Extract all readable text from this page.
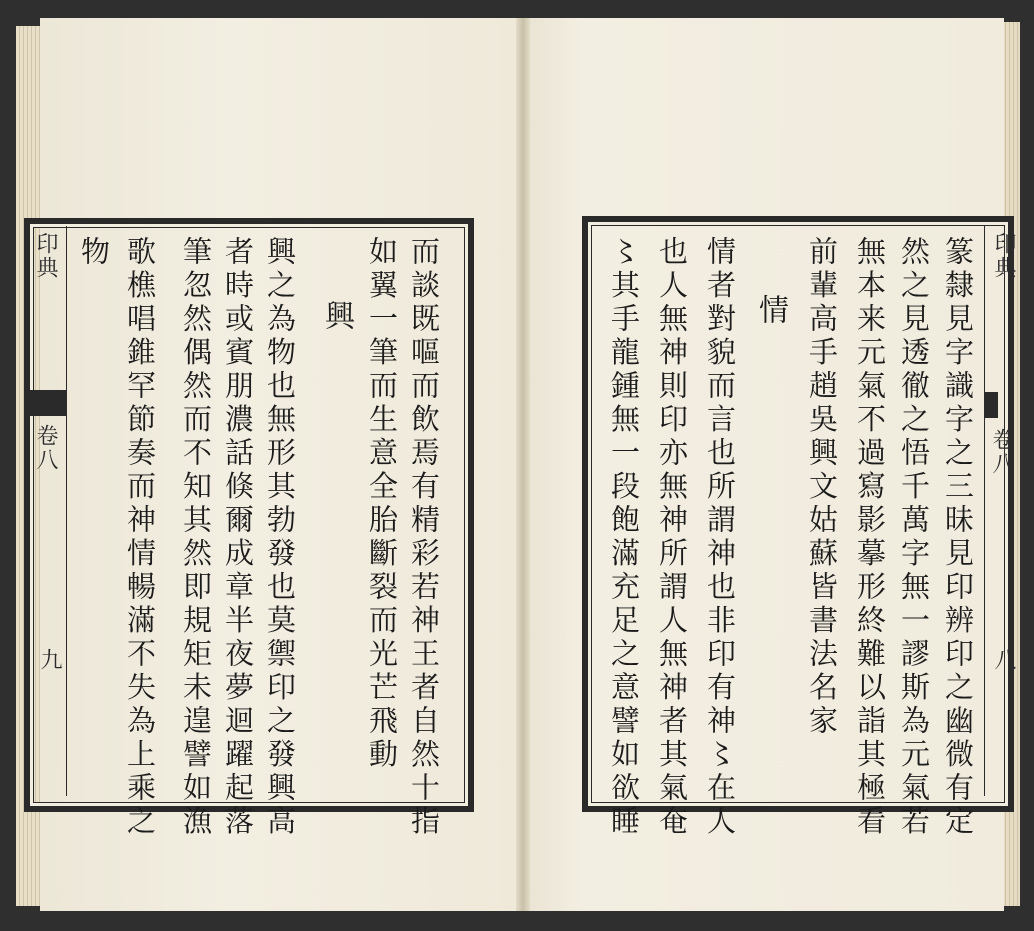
印典
卷八
九	而談既嘔而飲焉有精彩若神王者自然十指
如翼一筆而生意全胎斷裂而光芒飛動
興
興之為物也無形其勃發也莫禦印之發興高
者時或賓朋濃話倏爾成章半夜夢迴躍起落
筆忽然偶然而不知其然即規矩未遑譬如漁
歌樵唱錐罕節奏而神情暢滿不失為上乘之
物	印典
卷八
八
篆隸見字識字之三昧見印辨印之幽微有定
然之見透徹之悟千萬字無一謬斯為元氣若
無本来元氣不過寫影摹形終難以詣其極看
前輩高手趙吳興文姑蘇皆書法名家
情
情者對貌而言也所謂神也非印有神〻在人
也人無神則印亦無神所謂人無神者其氣奄
〻其手龍鍾無一段飽滿充足之意譬如欲睡
